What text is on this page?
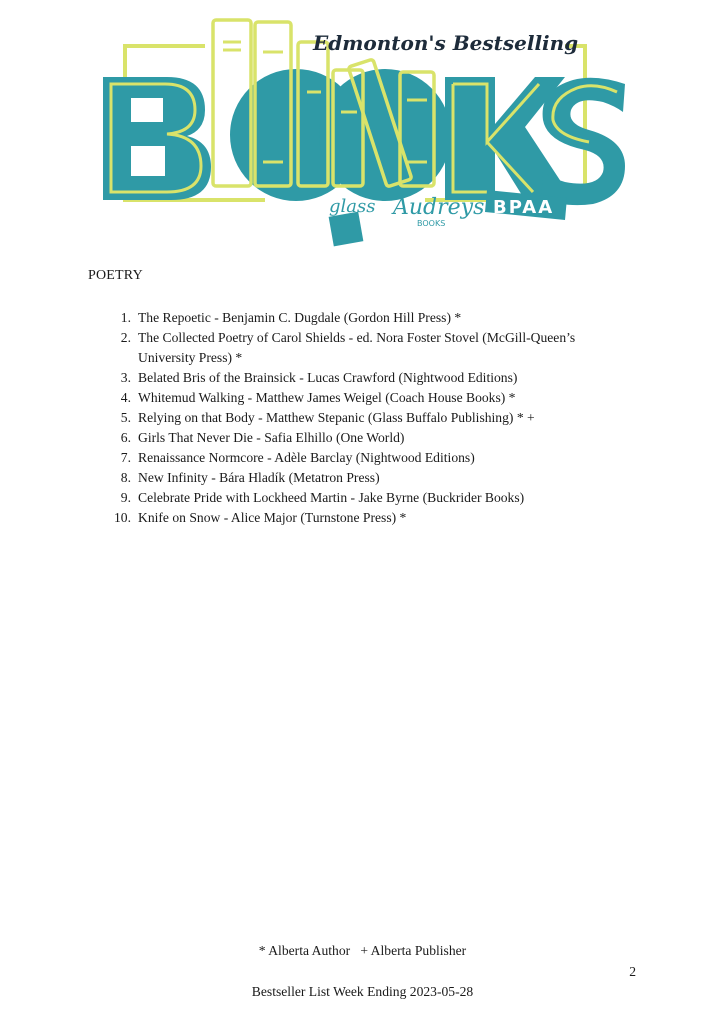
Edmonton's Bestselling
glass Audreys
BOOKS
BPAA
POETRY
1. The Repoetic - Benjamin C. Dugdale (Gordon Hill Press) *
2. The Collected Poetry of Carol Shields - ed. Nora Foster Stovel (McGill-Queen’s University Press) *
3. Belated Bris of the Brainsick - Lucas Crawford (Nightwood Editions)
4. Whitemud Walking - Matthew James Weigel (Coach House Books) *
5. Relying on that Body - Matthew Stepanic (Glass Buffalo Publishing) * +
6. Girls That Never Die - Safia Elhillo (One World)
7. Renaissance Normcore - Adèle Barclay (Nightwood Editions)
8. New Infinity - Bára Hladík (Metatron Press)
9. Celebrate Pride with Lockheed Martin - Jake Byrne (Buckrider Books)
10. Knife on Snow - Alice Major (Turnstone Press) *
* Alberta Author   + Alberta Publisher
2
Bestseller List Week Ending 2023-05-28
